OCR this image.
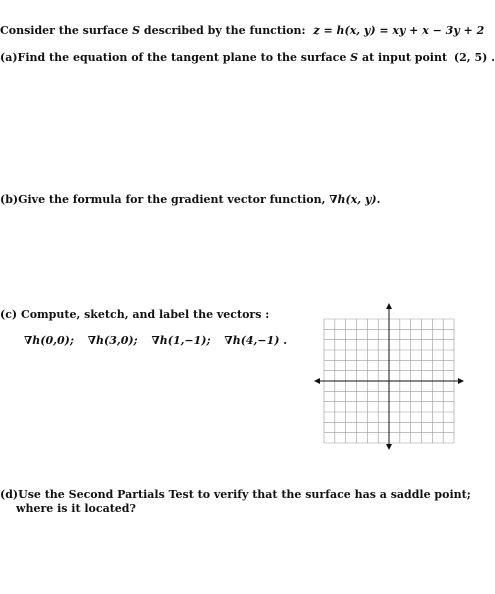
Consider the surface S described by the function: z = h(x, y) = xy + x − 3y + 2
(a)Find the equation of the tangent plane to the surface S at input point (2, 5) .
(b)Give the formula for the gradient vector function, ∇h(x, y).
(c) Compute, sketch, and label the vectors :
∇h(0,0); ∇h(3,0); ∇h(1,−1); ∇h(4,−1) .
(d)Use the Second Partials Test to verify that the surface has a saddle point;
where is it located?
